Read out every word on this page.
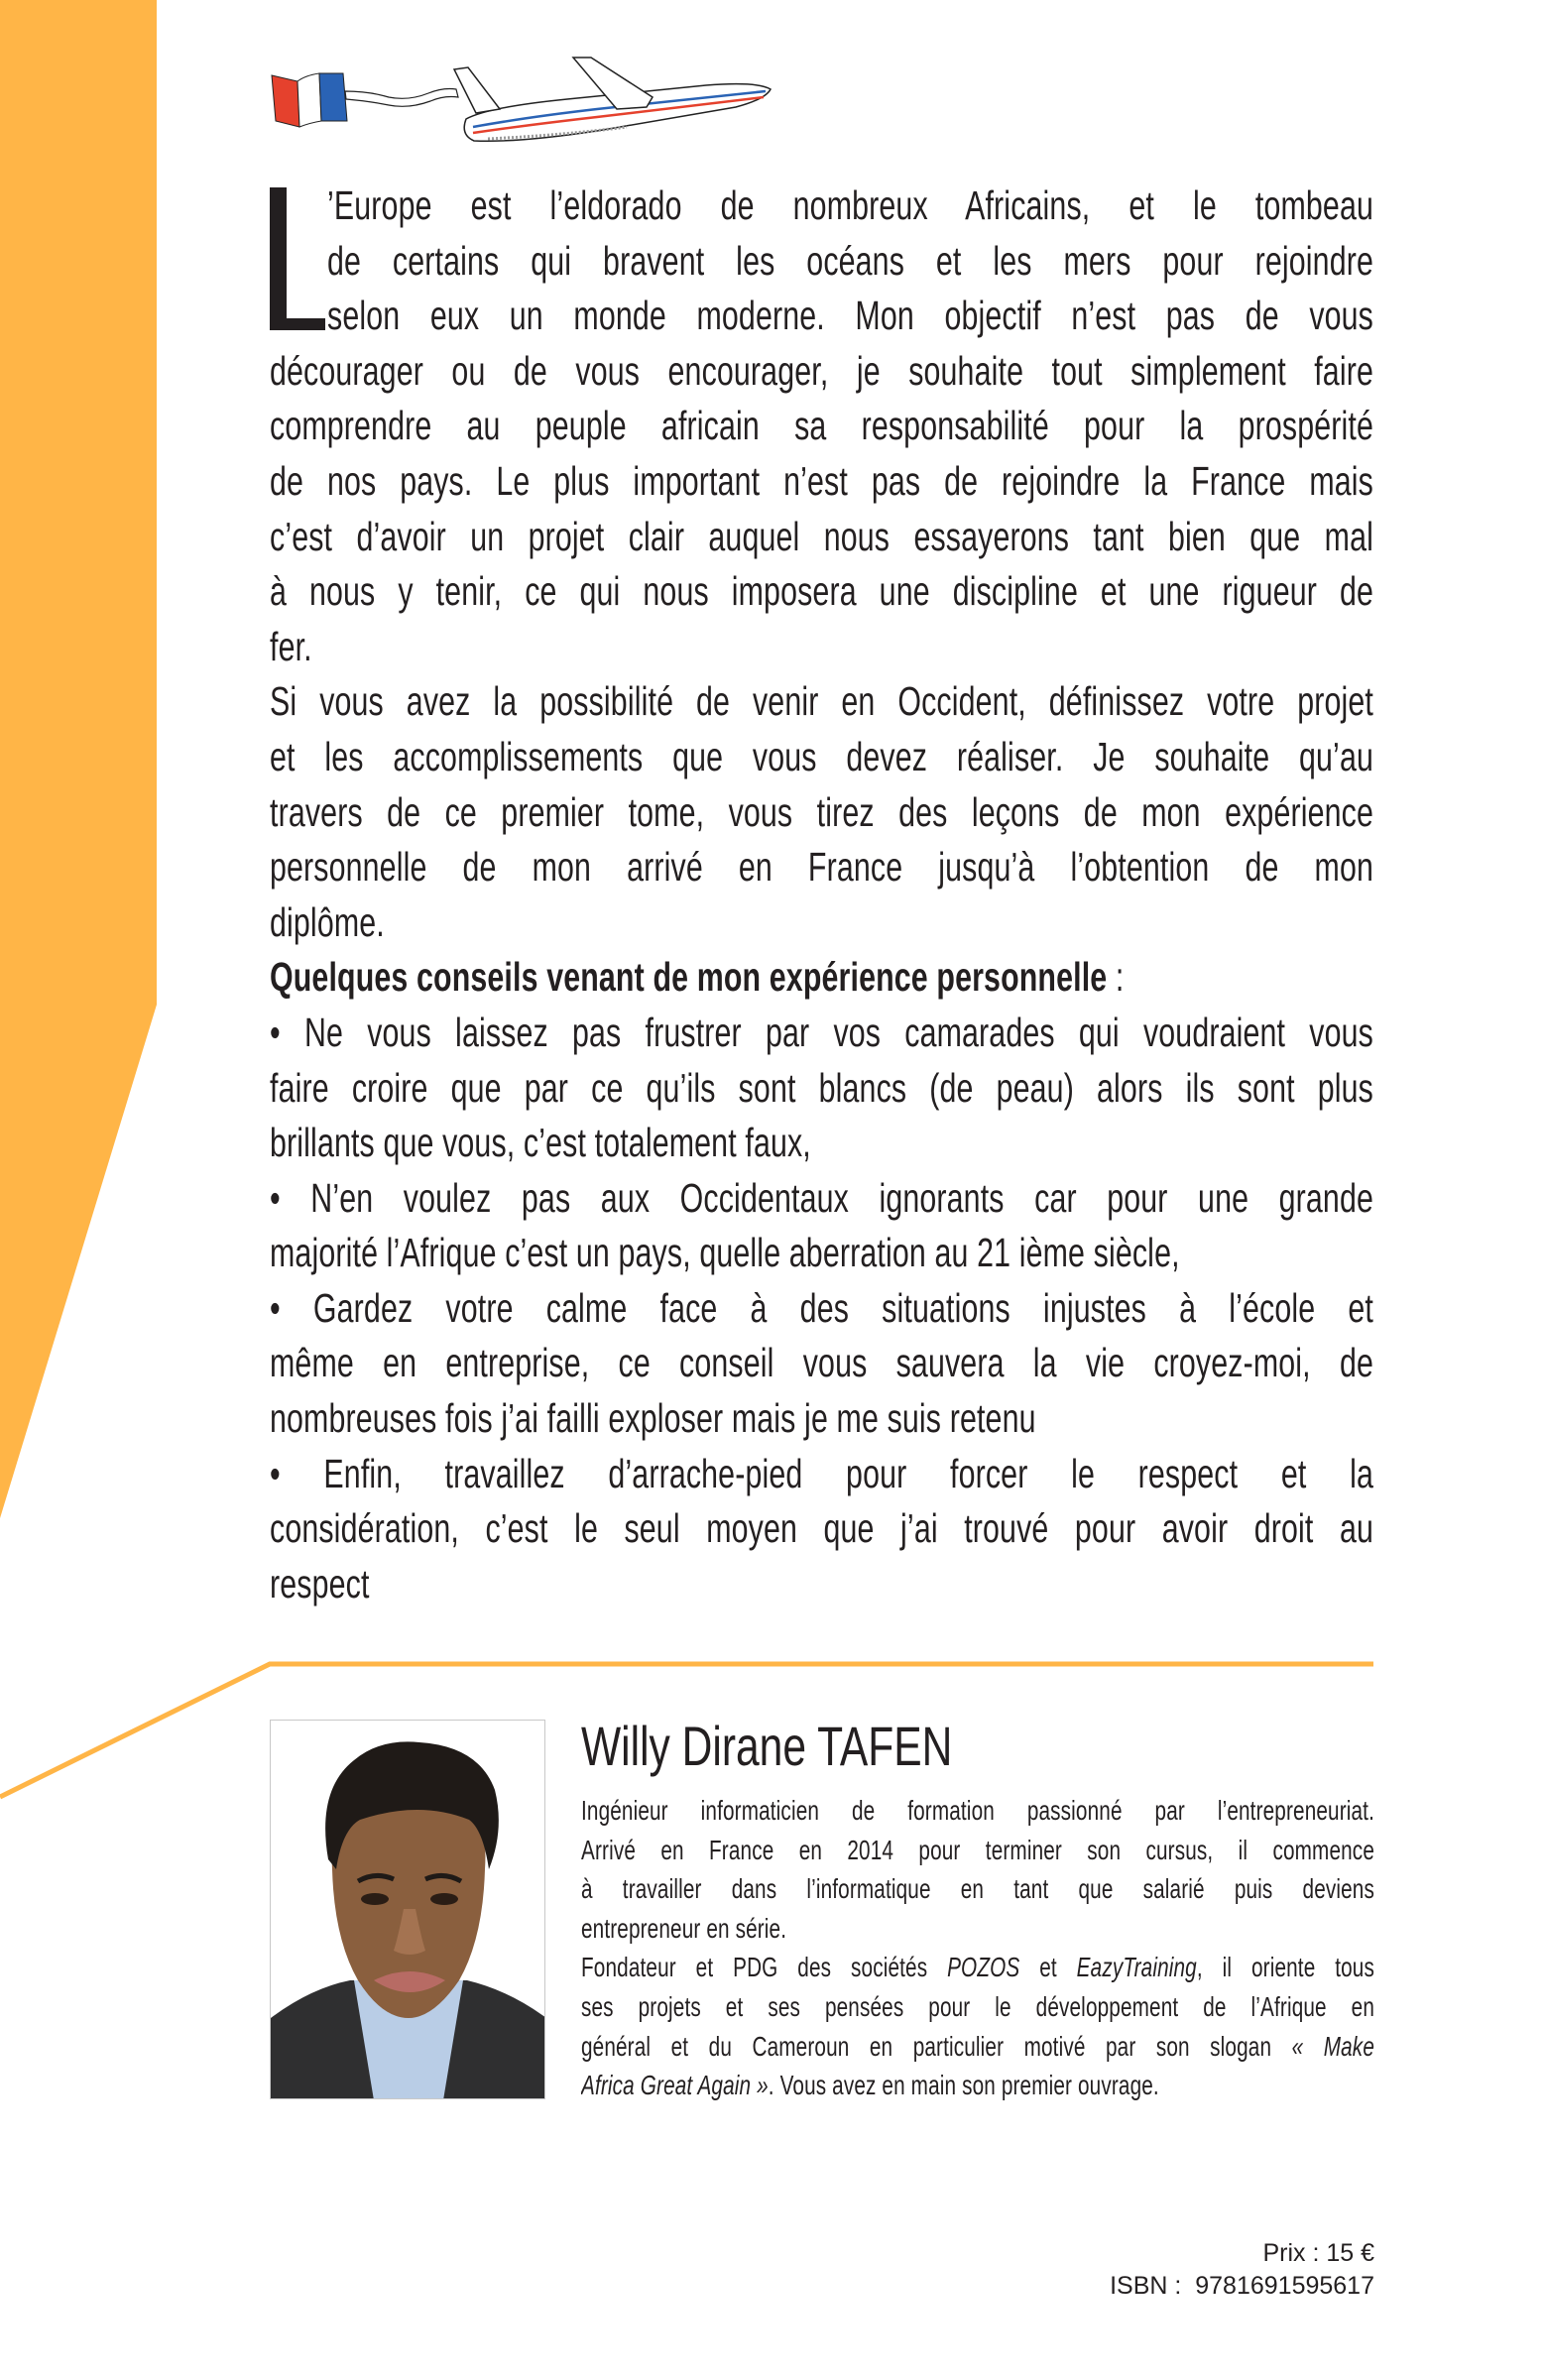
’Europe est l’eldorado de nombreux Africains, et le tombeau
de certains qui bravent les océans et les mers pour rejoindre
selon eux un monde moderne. Mon objectif n’est pas de vous
décourager ou de vous encourager, je souhaite tout simplement faire
comprendre au peuple africain sa responsabilité pour la prospérité
de nos pays. Le plus important n’est pas de rejoindre la France mais
c’est d’avoir un projet clair auquel nous essayerons tant bien que mal
à nous y tenir, ce qui nous imposera une discipline et une rigueur de
fer.
Si vous avez la possibilité de venir en Occident, définissez votre projet
et les accomplissements que vous devez réaliser. Je souhaite qu’au
travers de ce premier tome, vous tirez des leçons de mon expérience
personnelle de mon arrivé en France jusqu’à l’obtention de mon
diplôme.
Quelques conseils venant de mon expérience personnelle :
• Ne vous laissez pas frustrer par vos camarades qui voudraient vous
faire croire que par ce qu’ils sont blancs (de peau) alors ils sont plus
brillants que vous, c’est totalement faux,
• N’en voulez pas aux Occidentaux ignorants car pour une grande
majorité l’Afrique c’est un pays, quelle aberration au 21 ième siècle,
• Gardez votre calme face à des situations injustes à l’école et
même en entreprise, ce conseil vous sauvera la vie croyez-moi, de
nombreuses fois j’ai failli exploser mais je me suis retenu
• Enfin, travaillez d’arrache-pied pour forcer le respect et la
considération, c’est le seul moyen que j’ai trouvé pour avoir droit au
respect
Willy Dirane TAFEN
Ingénieur informaticien de formation passionné par l’entrepreneuriat.
Arrivé en France en 2014 pour terminer son cursus, il commence
à travailler dans l’informatique en tant que salarié puis deviens
entrepreneur en série.
Fondateur et PDG des sociétés POZOS et EazyTraining, il oriente tous
ses projets et ses pensées pour le développement de l’Afrique en
général et du Cameroun en particulier motivé par son slogan « Make
Africa Great Again ». Vous avez en main son premier ouvrage.
Prix : 15 €
ISBN :  9781691595617
